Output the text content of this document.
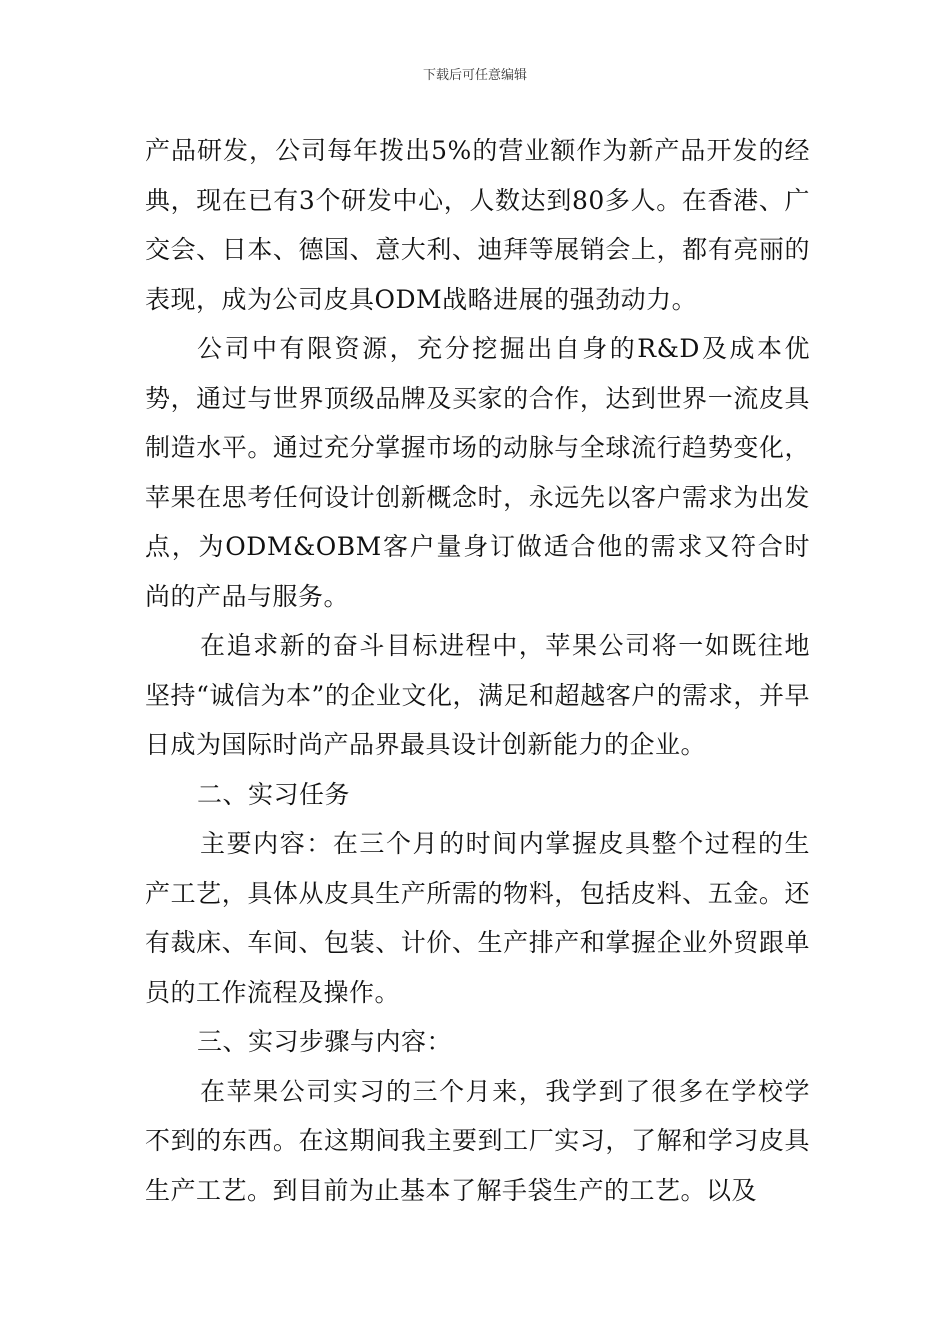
下载后可任意编辑

产品研发，公司每年拨出5%的营业额作为新产品开发的经典，现在已有3个研发中心，人数达到80多人。在香港、广交会、日本、德国、意大利、迪拜等展销会上，都有亮丽的表现，成为公司皮具ODM战略进展的强劲动力。

公司中有限资源，充分挖掘出自身的R&D及成本优势，通过与世界顶级品牌及买家的合作，达到世界一流皮具制造水平。通过充分掌握市场的动脉与全球流行趋势变化，苹果在思考任何设计创新概念时，永远先以客户需求为出发点，为ODM&OBM客户量身订做适合他的需求又符合时尚的产品与服务。

在追求新的奋斗目标进程中，苹果公司将一如既往地坚持“诚信为本”的企业文化，满足和超越客户的需求，并早日成为国际时尚产品界最具设计创新能力的企业。

二、实习任务

主要内容：在三个月的时间内掌握皮具整个过程的生产工艺，具体从皮具生产所需的物料，包括皮料、五金。还有裁床、车间、包装、计价、生产排产和掌握企业外贸跟单员的工作流程及操作。

三、实习步骤与内容：

在苹果公司实习的三个月来，我学到了很多在学校学不到的东西。在这期间我主要到工厂实习，了解和学习皮具生产工艺。到目前为止基本了解手袋生产的工艺。以及
